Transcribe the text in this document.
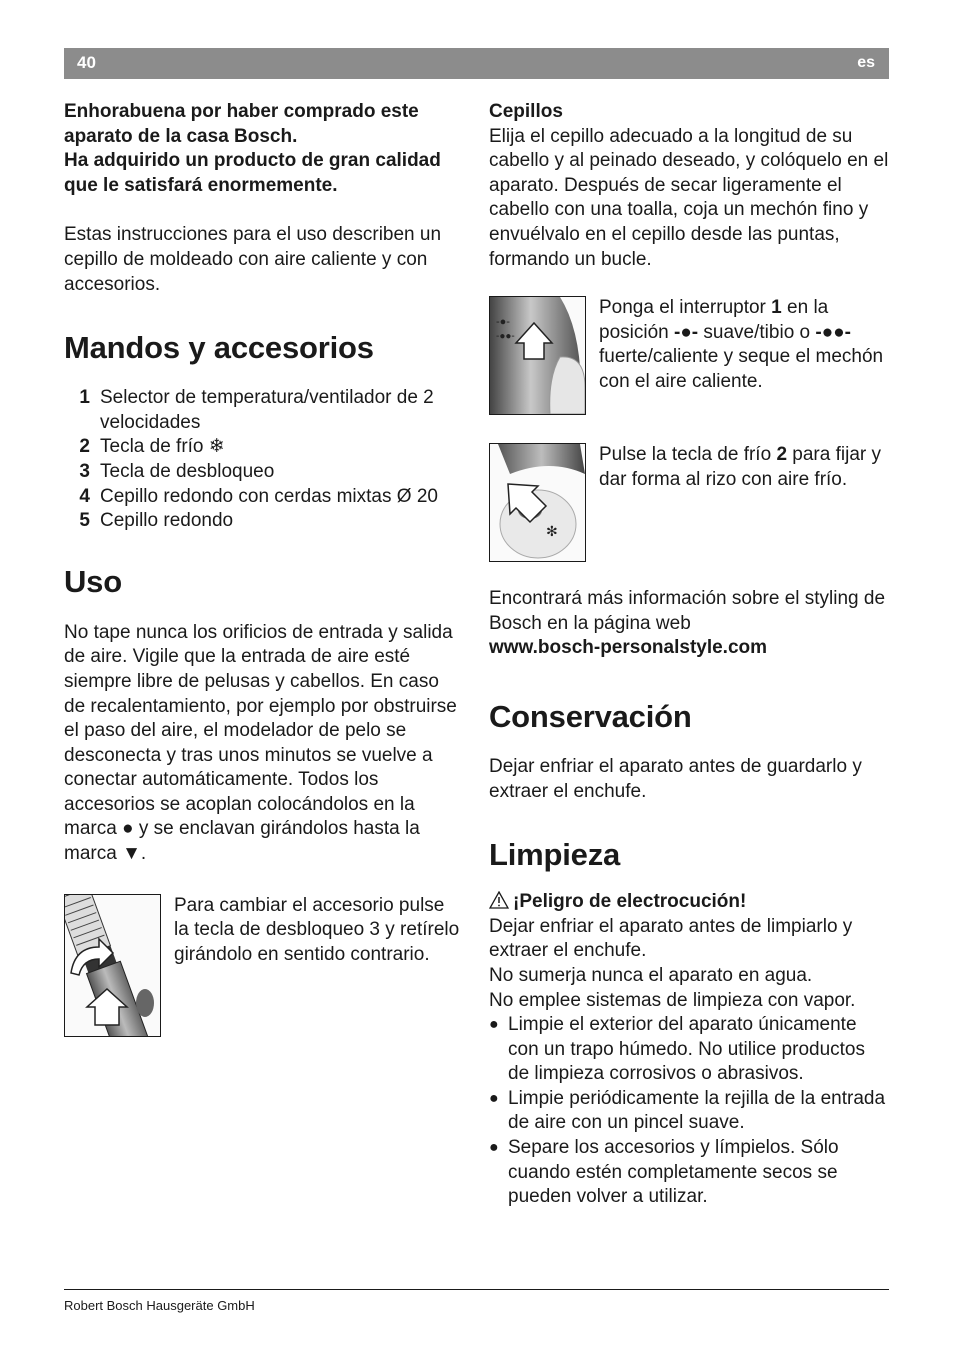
40	es

Enhorabuena por haber comprado este aparato de la casa Bosch.

Ha adquirido un producto de gran calidad que le satisfará enormemente.

Estas instrucciones para el uso describen un cepillo de moldeado con aire caliente y con accesorios.

Mandos y accesorios
1 Selector de temperatura/ventilador de 2 velocidades
2 Tecla de frío ❄
3 Tecla de desbloqueo
4 Cepillo redondo con cerdas mixtas Ø 20
5 Cepillo redondo
Uso

No tape nunca los orificios de entrada y salida de aire. Vigile que la entrada de aire esté siempre libre de pelusas y cabellos. En caso de recalentamiento, por ejemplo por obstruirse el paso del aire, el modelador de pelo se desconecta y tras unos minutos se vuelve a conectar automáticamente. Todos los accesorios se acoplan colocándolos en la marca ● y se enclavan girándolos hasta la marca ▼.

Para cambiar el accesorio pulse la tecla de desbloqueo 3 y retírelo girándolo en sentido contrario.

Cepillos

Elija el cepillo adecuado a la longitud de su cabello y al peinado deseado, y colóquelo en el aparato. Después de secar ligeramente el cabello con una toalla, coja un mechón fino y envuélvalo en el cepillo desde las puntas, formando un bucle.

-●-
-●●-

Ponga el interruptor 1 en la posición -●- suave/tibio o -●●- fuerte/caliente y seque el mechón con el aire caliente.

✻

Pulse la tecla de frío 2 para fijar y dar forma al rizo con aire frío.

Encontrará más información sobre el styling de Bosch en la página web

www.bosch-personalstyle.com

Conservación

Dejar enfriar el aparato antes de guardarlo y extraer el enchufe.

Limpieza

¡Peligro de electrocución!

Dejar enfriar el aparato antes de limpiarlo y extraer el enchufe.

No sumerja nunca el aparato en agua.

No emplee sistemas de limpieza con vapor.

● Limpie el exterior del aparato únicamente con un trapo húmedo. No utilice productos de limpieza corrosivos o abrasivos.
● Limpie periódicamente la rejilla de la entrada de aire con un pincel suave.
● Separe los accesorios y límpielos. Sólo cuando estén completamente secos se pueden volver a utilizar.
Robert Bosch Hausgeräte GmbH
